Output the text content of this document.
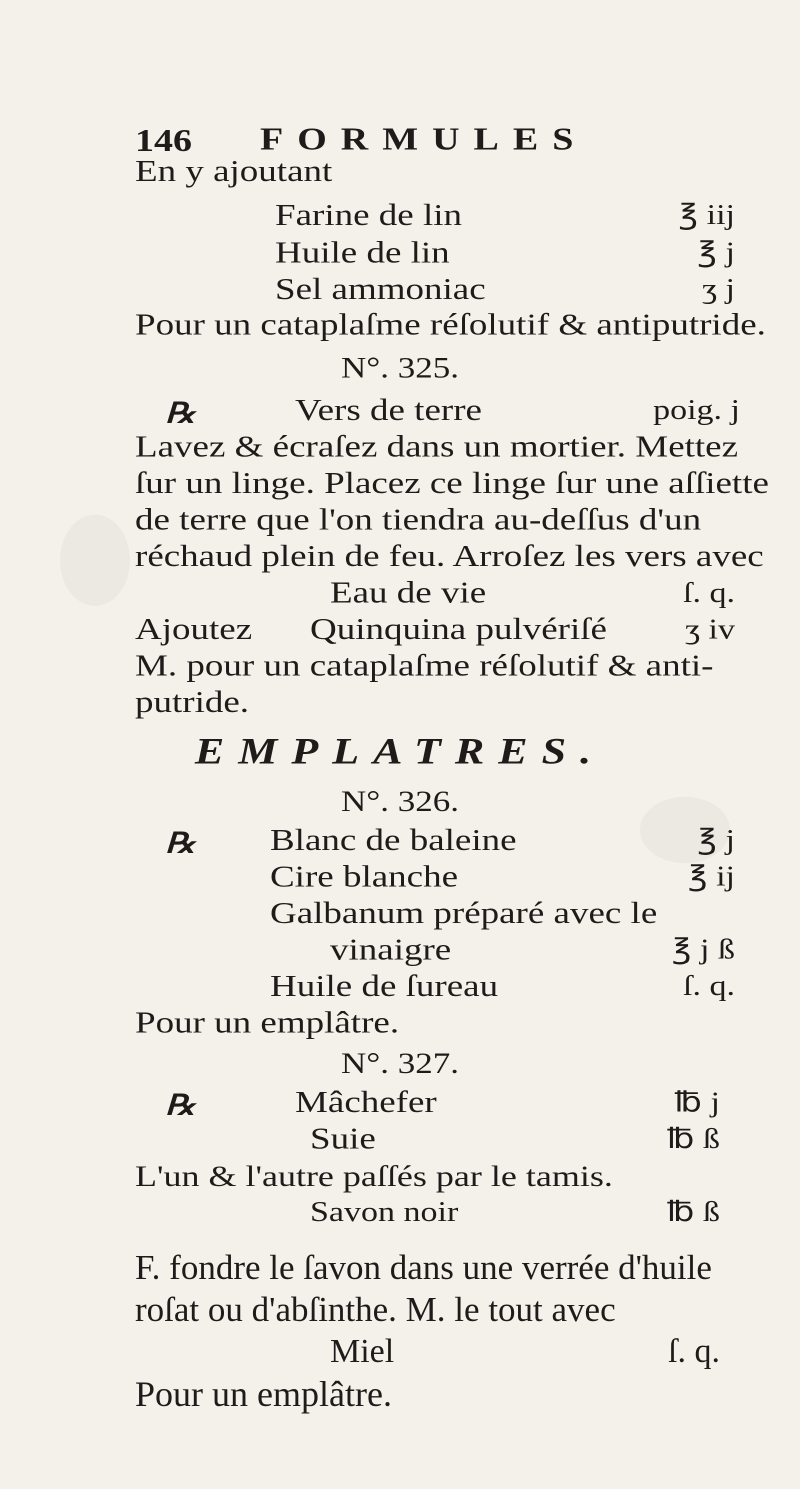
146 FORMULES
En y ajoutant
Farine de lin	℥ iij
Huile de lin	℥ j
Sel ammoniac	ʒ j
Pour un cataplaſme réſolutif & antiputride.
N°. 325.
℞	Vers de terre	poig. j
Lavez & écraſez dans un mortier. Mettez
ſur un linge. Placez ce linge ſur une aſſiette
de terre que l'on tiendra au-deſſus d'un
réchaud plein de feu. Arroſez les vers avec
Eau de vie	ſ. q.
Ajoutez Quinquina pulvériſé ʒ iv
M. pour un cataplaſme réſolutif & anti-
putride.
EMPLATRES.
N°. 326.
℞ Blanc de baleine	℥ j
Cire blanche	℥ ij
Galbanum préparé avec le
vinaigre	℥ j ß
Huile de ſureau	ſ. q.
Pour un emplâtre.
N°. 327.
℞	Mâchefer	℔ j
Suie	℔ ß
L'un & l'autre paſſés par le tamis.
Savon noir	℔ ß
F. fondre le ſavon dans une verrée d'huile
roſat ou d'abſinthe. M. le tout avec
Miel	ſ. q.
Pour un emplâtre.
